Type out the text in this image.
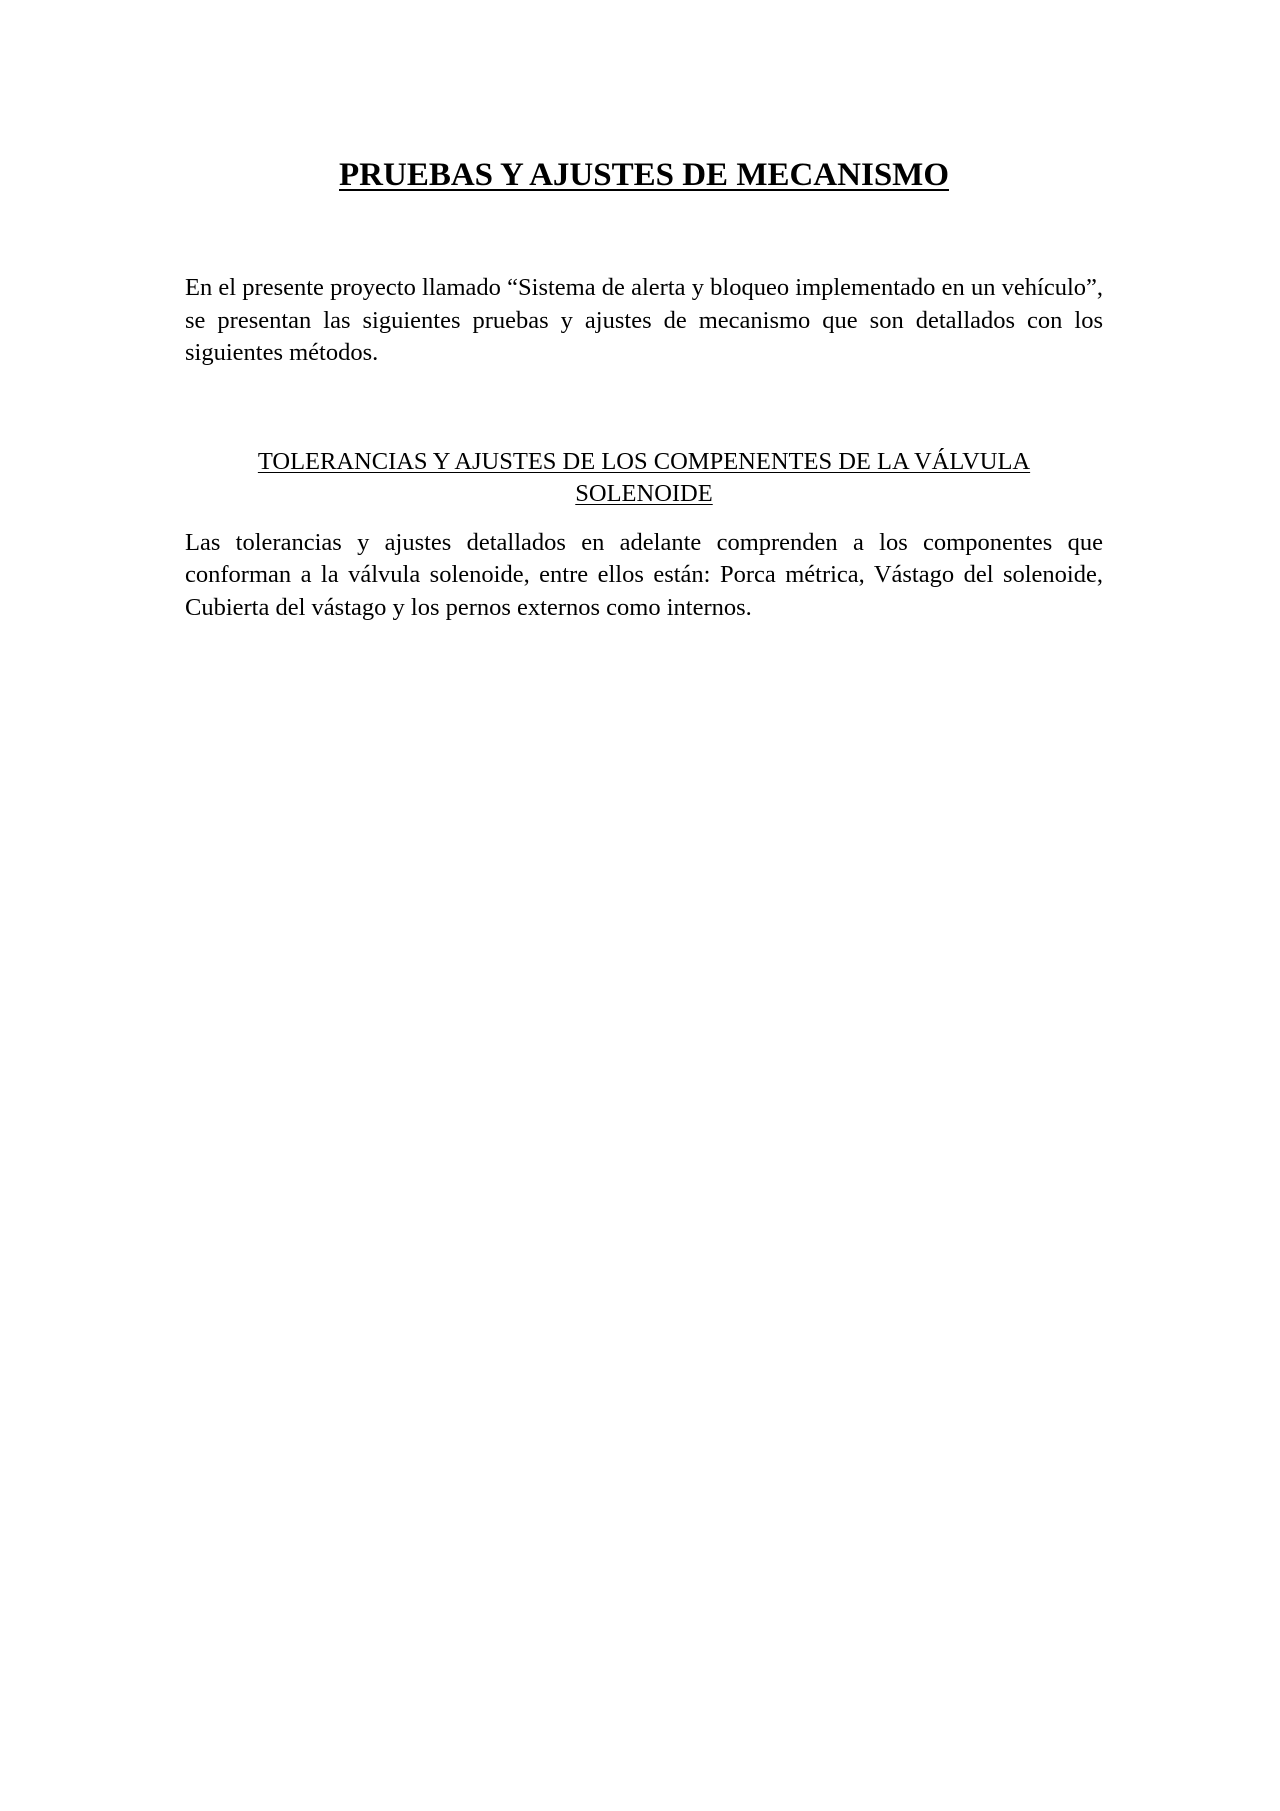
PRUEBAS Y AJUSTES DE MECANISMO

En el presente proyecto llamado “Sistema de alerta y bloqueo implementado en un vehículo”, se presentan las siguientes pruebas y ajustes de mecanismo que son detallados con los siguientes métodos.

TOLERANCIAS Y AJUSTES DE LOS COMPENENTES DE LA VÁLVULA SOLENOIDE

Las tolerancias y ajustes detallados en adelante comprenden a los componentes que conforman a la válvula solenoide, entre ellos están: Porca métrica, Vástago del solenoide, Cubierta del vástago y los pernos externos como internos.
